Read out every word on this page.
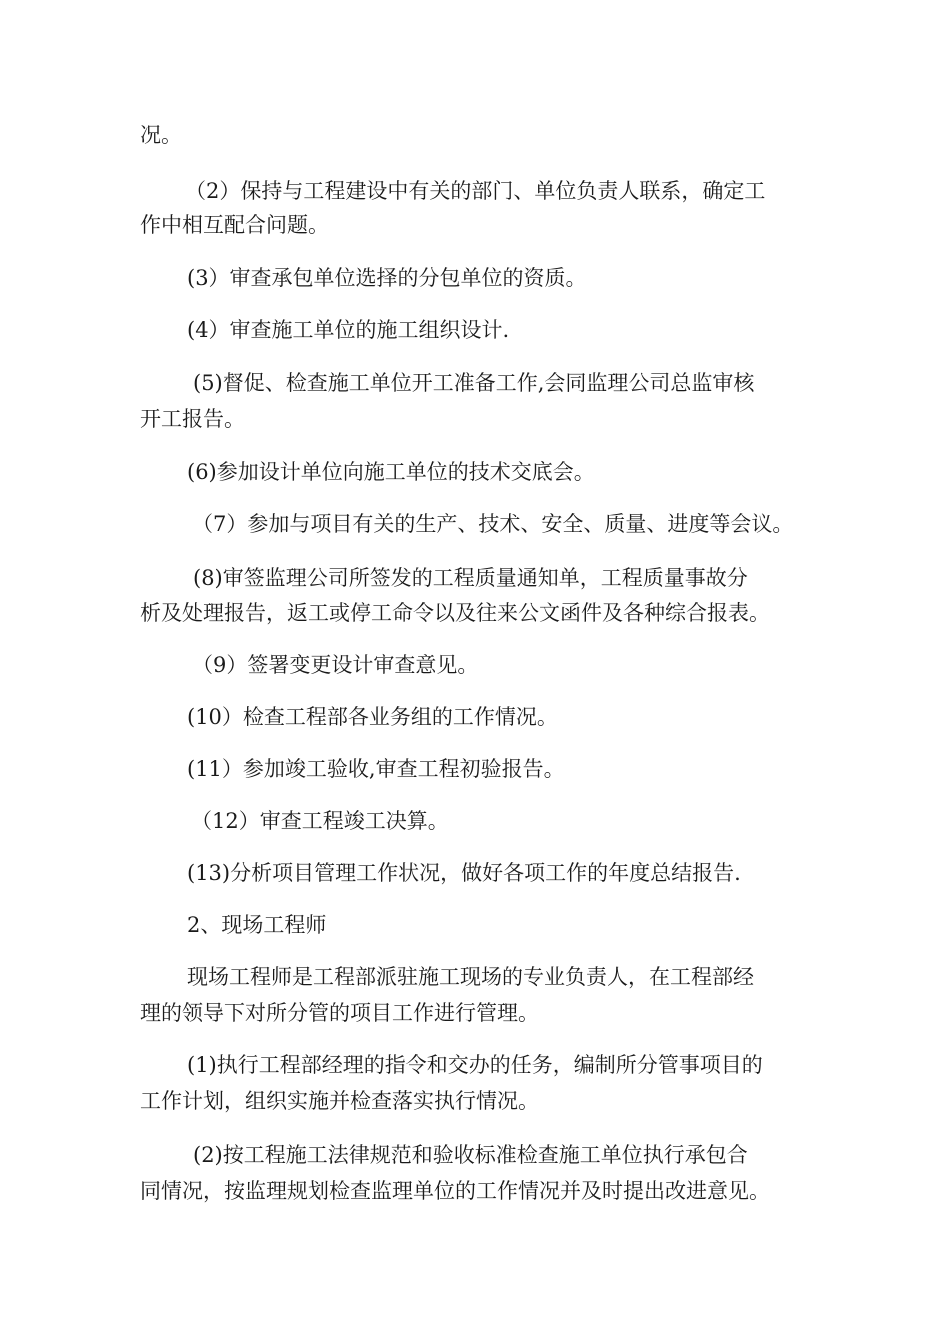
况。
（2）保持与工程建设中有关的部门、单位负责人联系，确定工
作中相互配合问题。
(3）审查承包单位选择的分包单位的资质。
(4）审查施工单位的施工组织设计.
(5)督促、检查施工单位开工准备工作,会同监理公司总监审核
开工报告。
(6)参加设计单位向施工单位的技术交底会。
（7）参加与项目有关的生产、技术、安全、质量、进度等会议。
(8)审签监理公司所签发的工程质量通知单，工程质量事故分
析及处理报告，返工或停工命令以及往来公文函件及各种综合报表。
（9）签署变更设计审查意见。
(10）检查工程部各业务组的工作情况。
(11）参加竣工验收,审查工程初验报告。
（12）审查工程竣工决算。
(13)分析项目管理工作状况，做好各项工作的年度总结报告.
2、现场工程师
现场工程师是工程部派驻施工现场的专业负责人，在工程部经
理的领导下对所分管的项目工作进行管理。
(1)执行工程部经理的指令和交办的任务，编制所分管事项目的
工作计划，组织实施并检查落实执行情况。
(2)按工程施工法律规范和验收标准检查施工单位执行承包合
同情况，按监理规划检查监理单位的工作情况并及时提出改进意见。
